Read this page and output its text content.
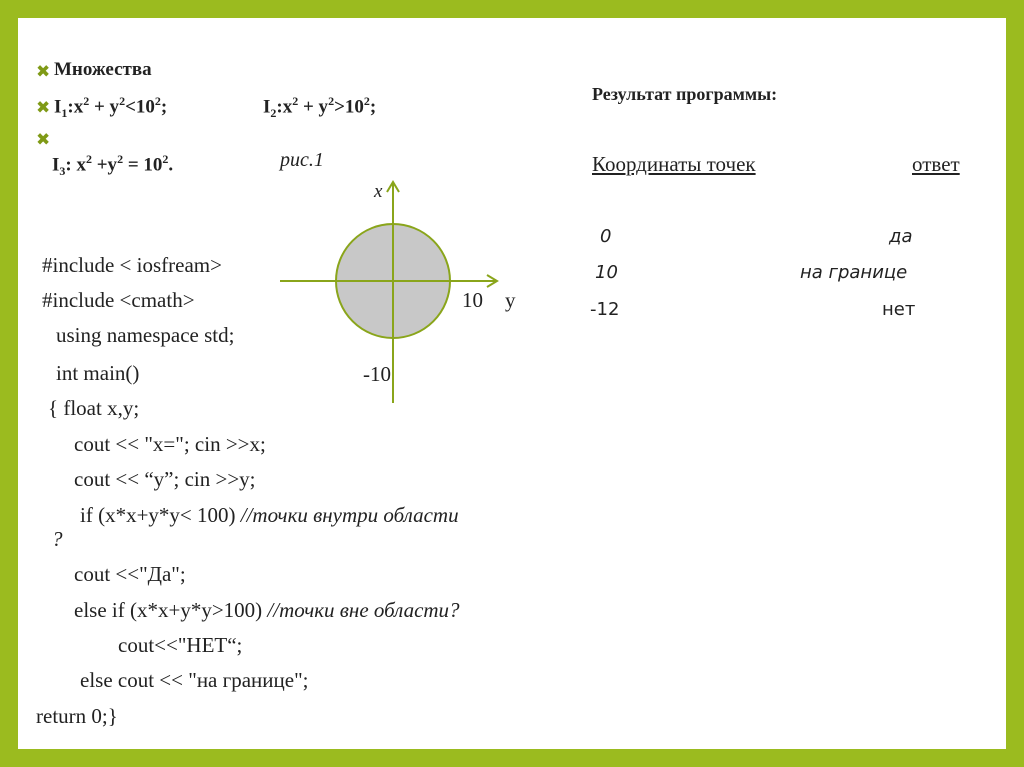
✖ Множества
✖ $I_1:x^2 + y^2<10^2$;	$I_2:x^2 + y^2>10^2$;
✖
$I_3$: $x^2 +y^2 = 10^2$.	рис.1
x
10 y
-10
#include < iosfream>
#include <cmath>
using namespace std;
int main()
{ float x,y;
cout << "x="; cin >>x;
cout << “y”; cin >>y;
if (x*x+y*y< 100) //точки внутри области
?
cout <<"Да";
else if (x*x+y*y>100) //точки вне области?
cout<<"НЕТ“;
else cout << "на границе";
return 0;}
Результат программы:
Координаты точек	ответ
0	да
10	на границе
-12	нет
